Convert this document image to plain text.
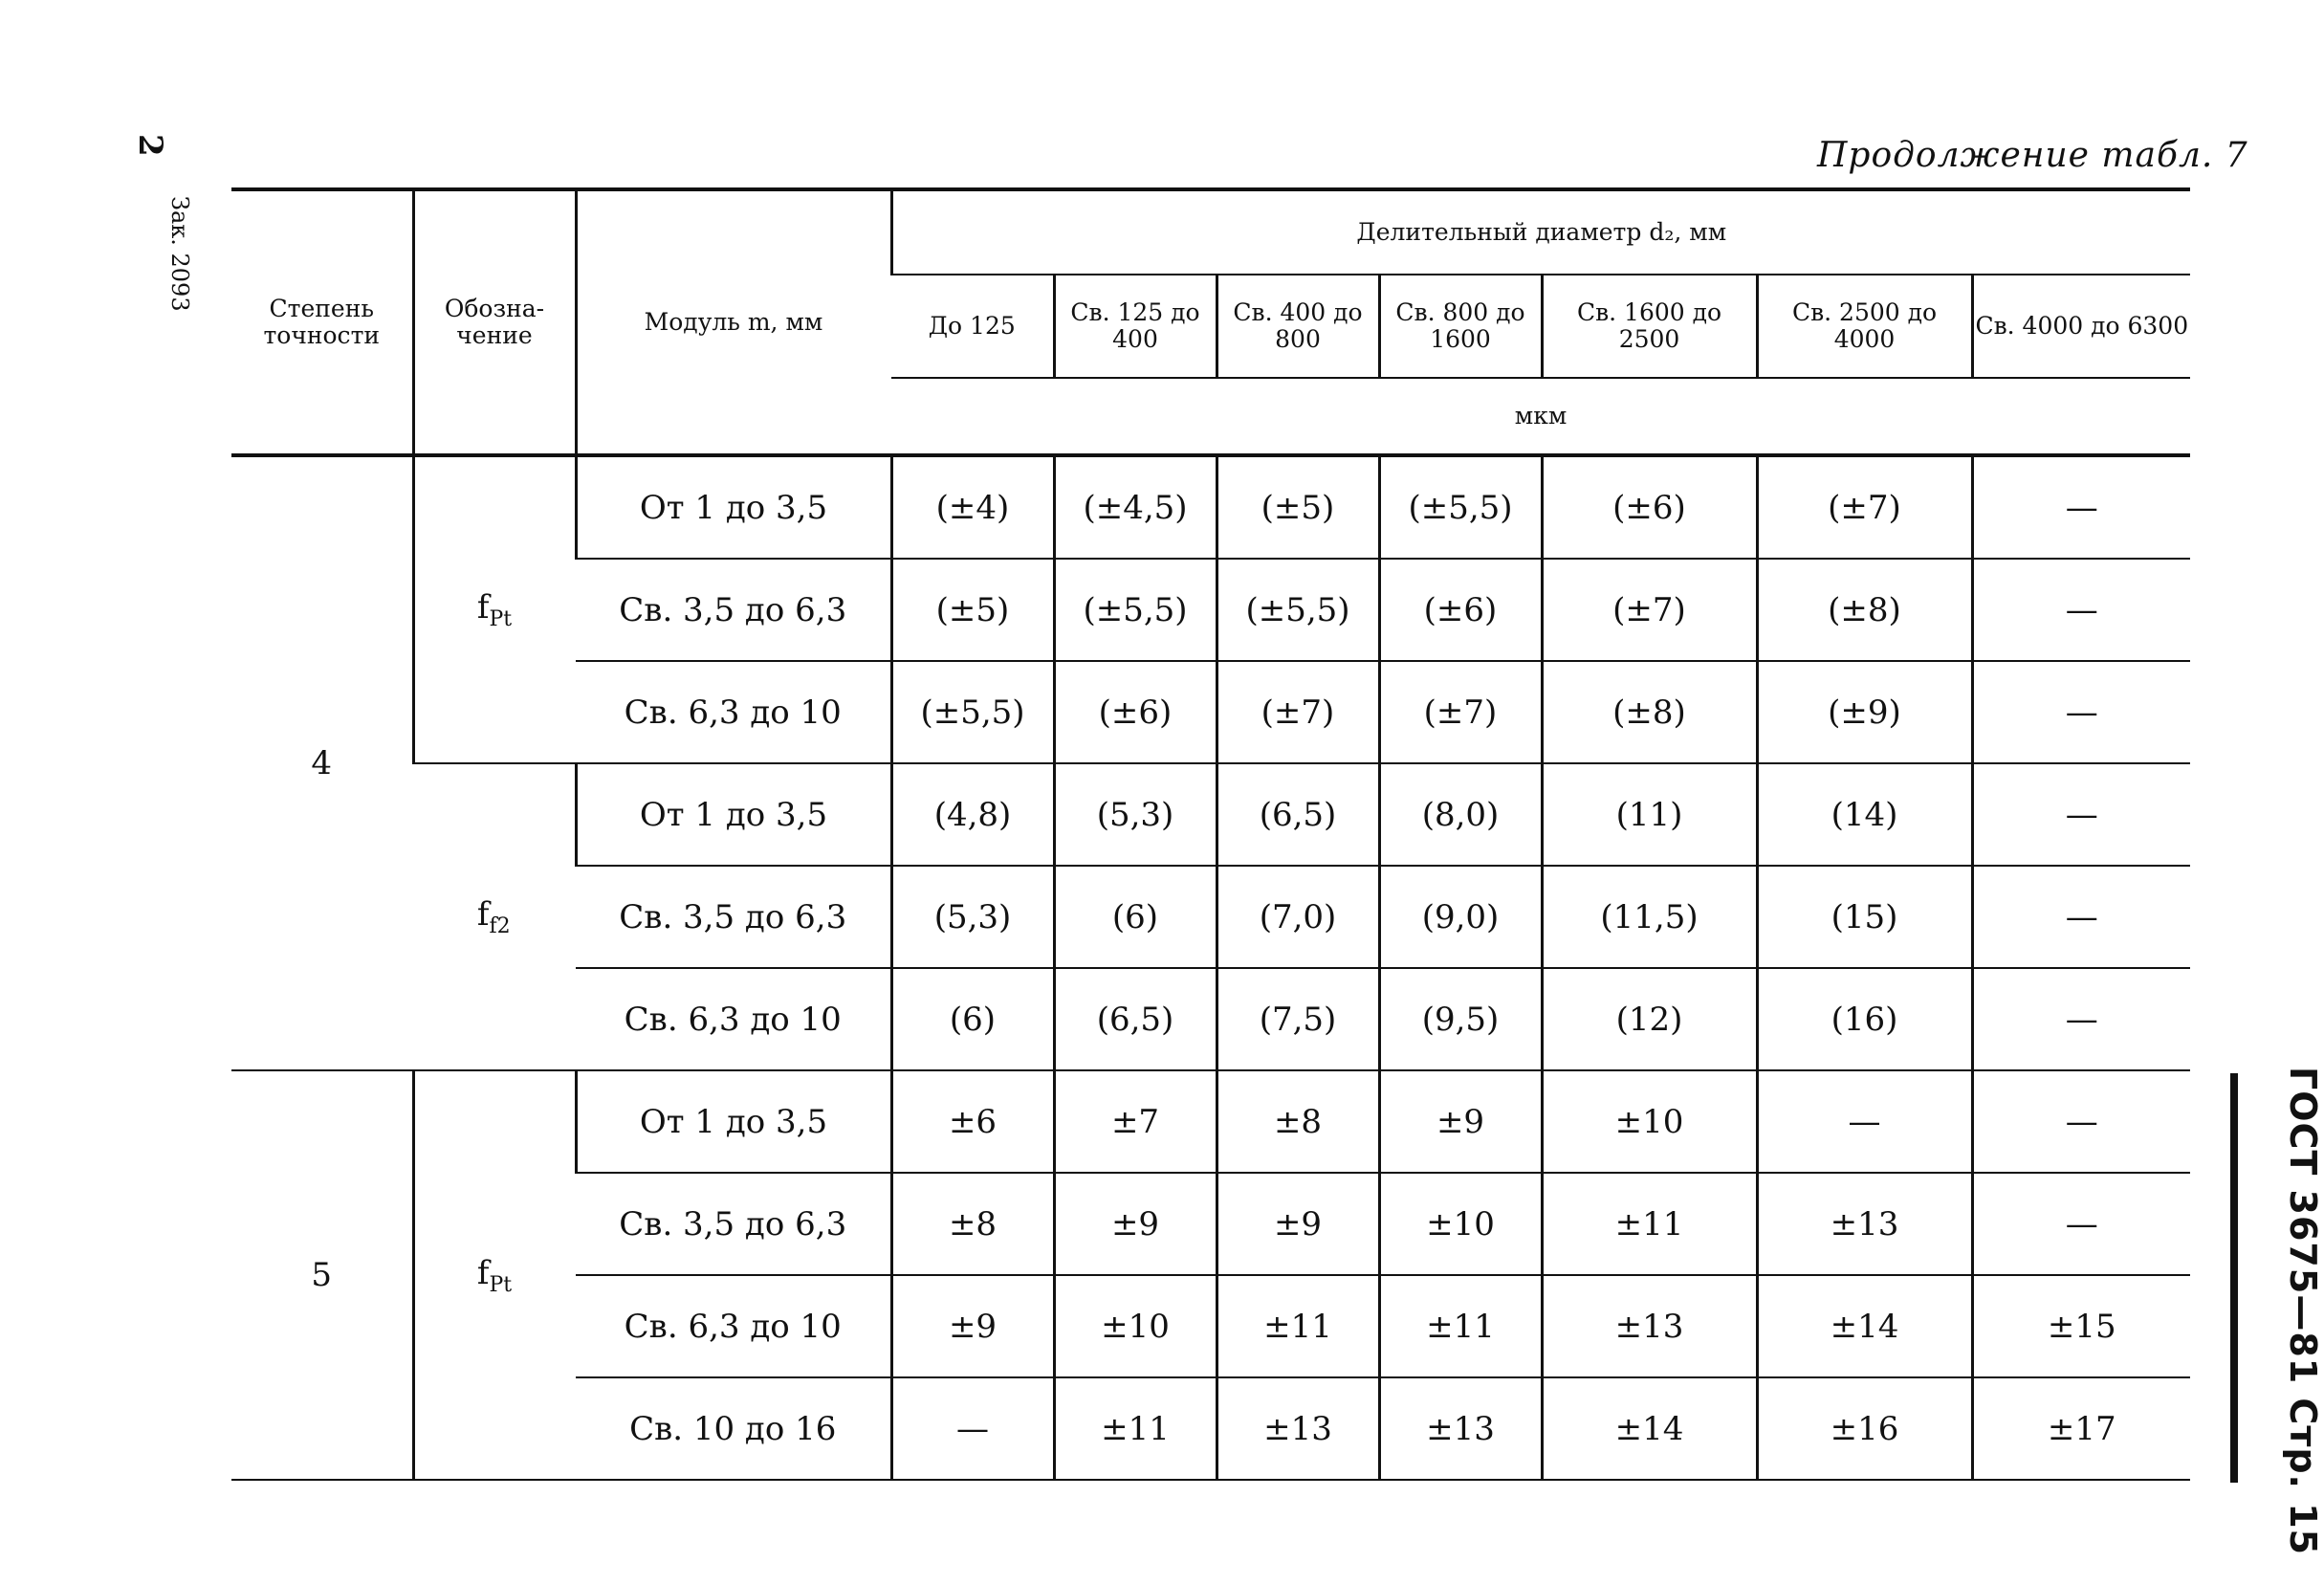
2
Зак. 2093
Продолжение табл. 7
ГОСТ 3675—81 Стр. 15
Степень точности	Обозна-чение	Модуль m, мм	Делительный диаметр d₂, мм						
			До 125	Св. 125 до 400	Св. 400 до 800	Св. 800 до 1600	Св. 1600 до 2500	Св. 2500 до 4000	Св. 4000 до 6300
			мкм						
4	$f_{Pt}$	От 1 до 3,5	(±4)	(±4,5)	(±5)	(±5,5)	(±6)	(±7)	—
		Св. 3,5 до 6,3	(±5)	(±5,5)	(±5,5)	(±6)	(±7)	(±8)	—
		Св. 6,3 до 10	(±5,5)	(±6)	(±7)	(±7)	(±8)	(±9)	—
	$f_{f2}$	От 1 до 3,5	(4,8)	(5,3)	(6,5)	(8,0)	(11)	(14)	—
		Св. 3,5 до 6,3	(5,3)	(6)	(7,0)	(9,0)	(11,5)	(15)	—
		Св. 6,3 до 10	(6)	(6,5)	(7,5)	(9,5)	(12)	(16)	—
5	$f_{Pt}$	От 1 до 3,5	±6	±7	±8	±9	±10	—	—
		Св. 3,5 до 6,3	±8	±9	±9	±10	±11	±13	—
		Св. 6,3 до 10	±9	±10	±11	±11	±13	±14	±15
		Св. 10 до 16	—	±11	±13	±13	±14	±16	±17
